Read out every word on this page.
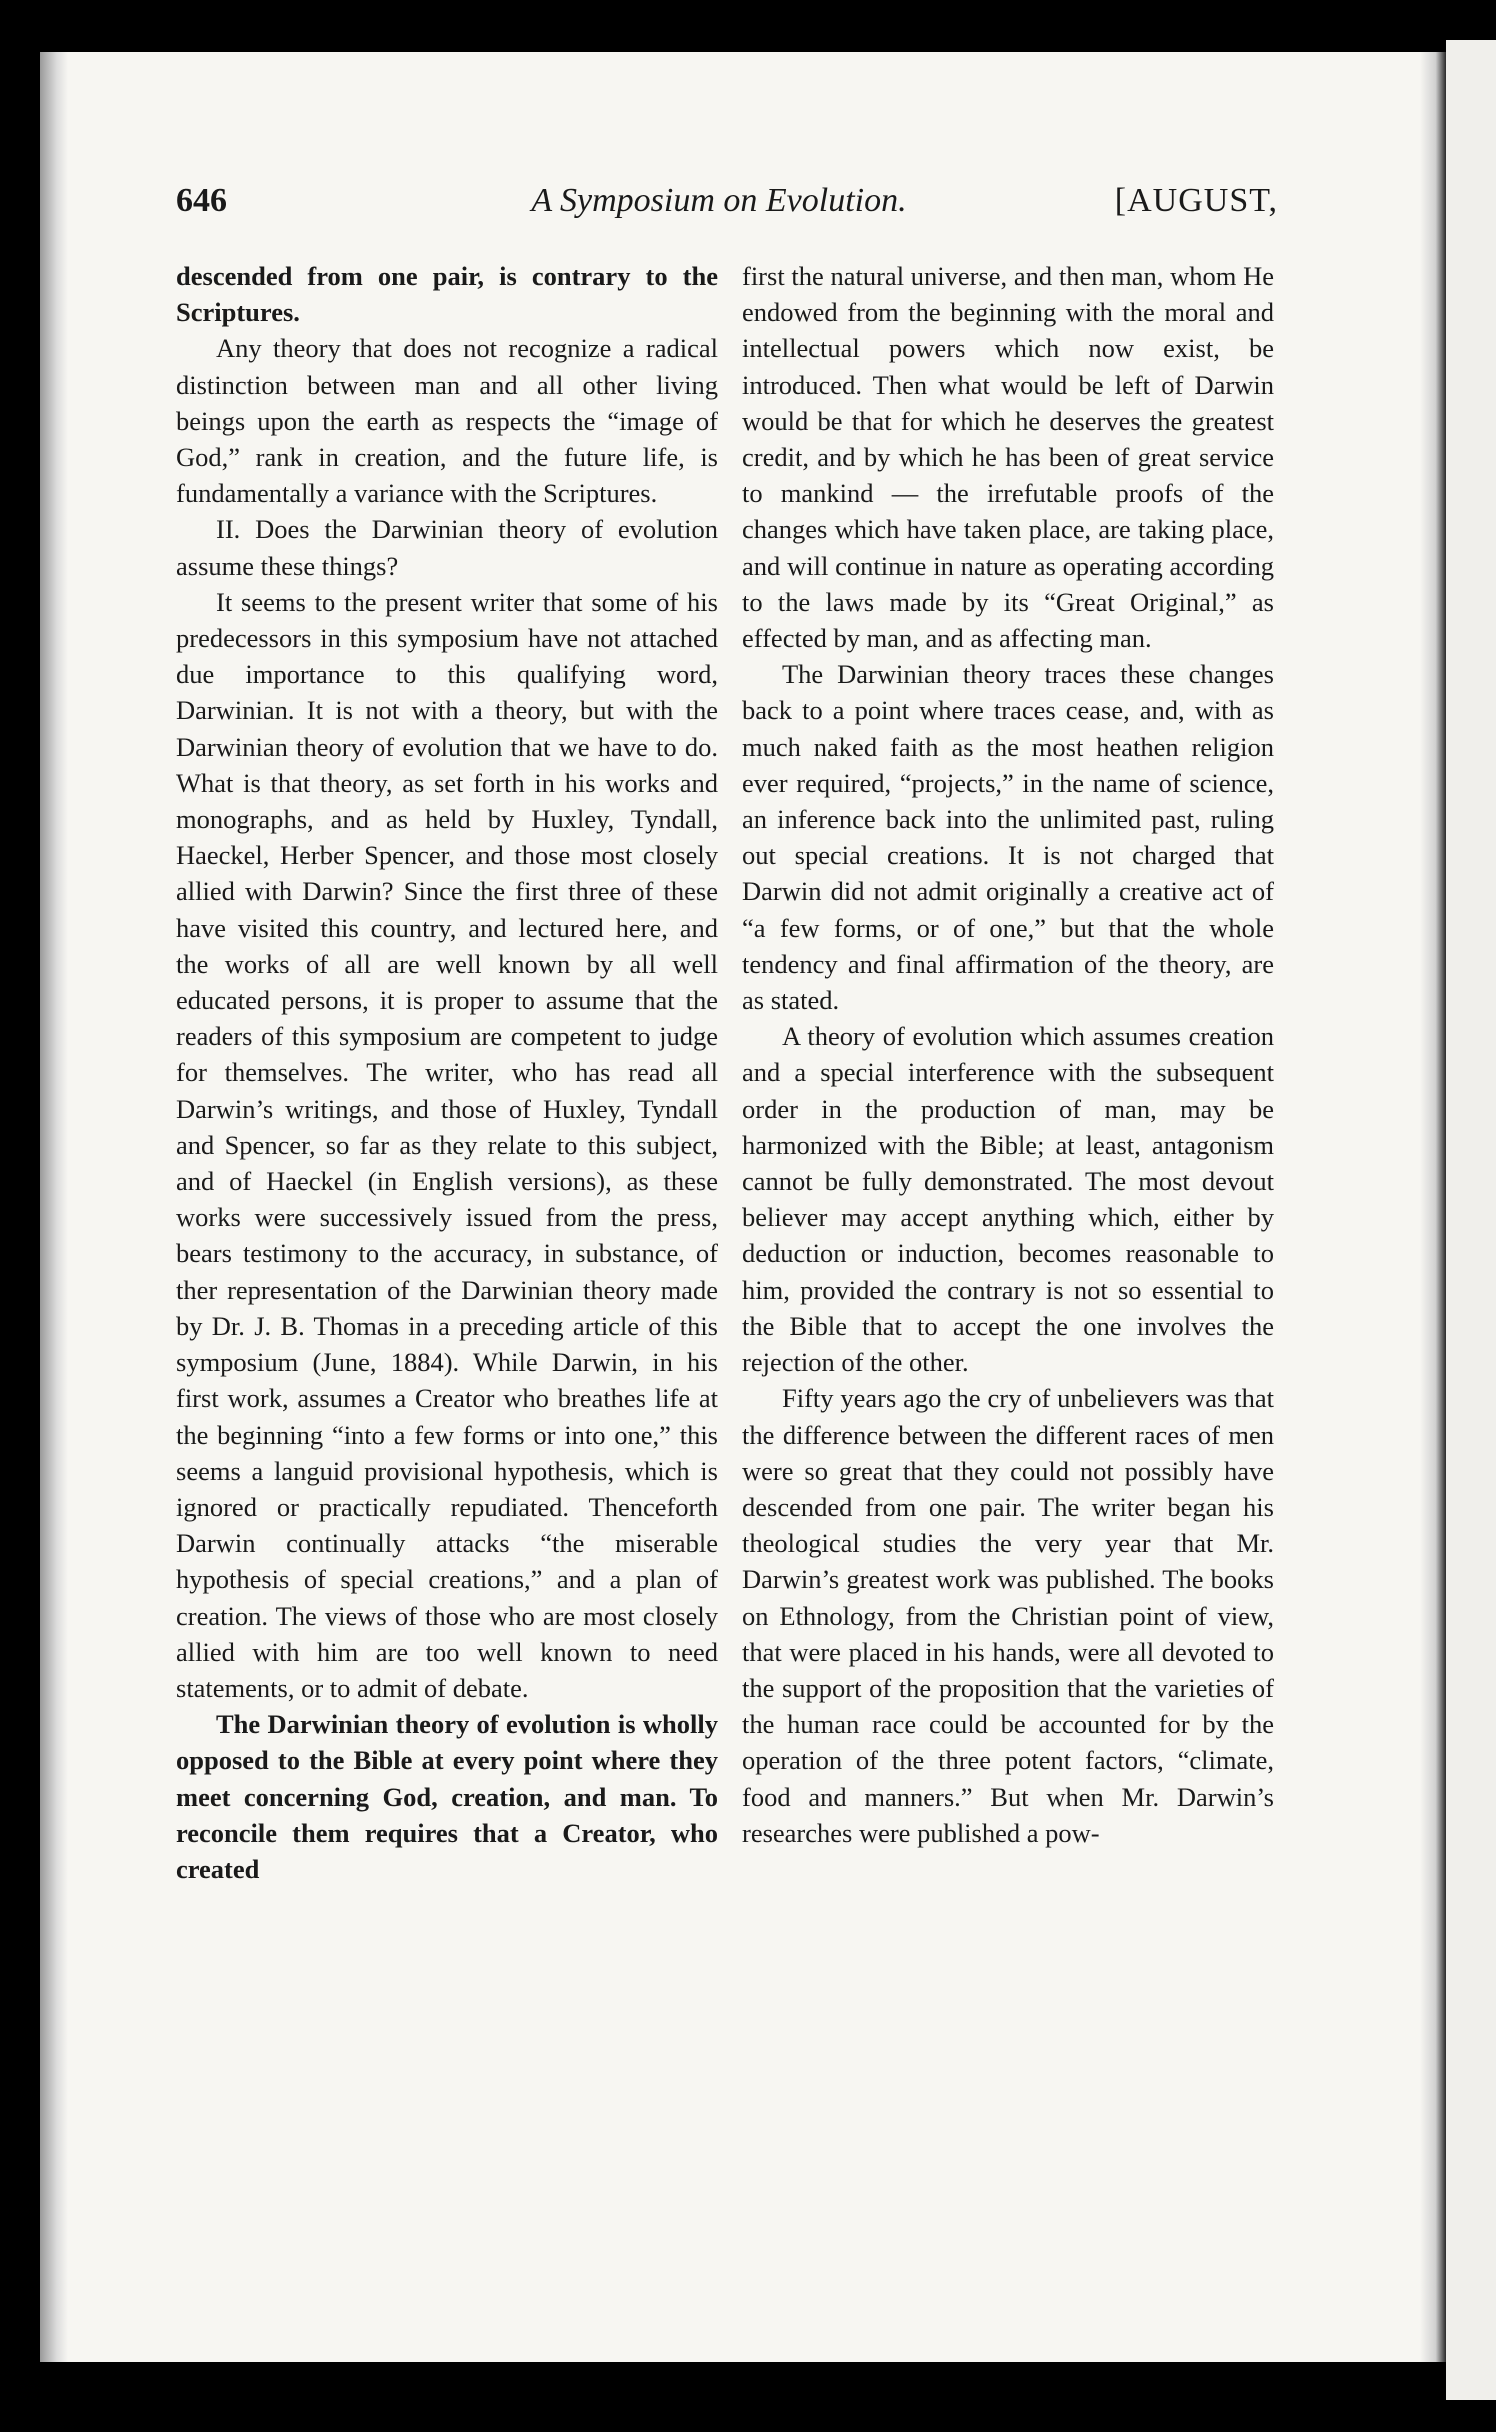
646	A Symposium on Evolution.	[AUGUST,

descended from one pair, is contrary to the Scriptures.

Any theory that does not recognize a radical distinction between man and all other living beings upon the earth as respects the “image of God,” rank in creation, and the future life, is fundamentally a variance with the Scriptures.

II. Does the Darwinian theory of evolution assume these things?

It seems to the present writer that some of his predecessors in this symposium have not attached due importance to this qualifying word, Darwinian. It is not with a theory, but with the Darwinian theory of evolution that we have to do. What is that theory, as set forth in his works and monographs, and as held by Huxley, Tyndall, Haeckel, Herber Spencer, and those most closely allied with Darwin? Since the first three of these have visited this country, and lectured here, and the works of all are well known by all well educated persons, it is proper to assume that the readers of this symposium are competent to judge for themselves. The writer, who has read all Darwin’s writings, and those of Huxley, Tyndall and Spencer, so far as they relate to this subject, and of Haeckel (in English versions), as these works were successively issued from the press, bears testimony to the accuracy, in substance, of ther representation of the Darwinian theory made by Dr. J. B. Thomas in a preceding article of this symposium (June, 1884). While Darwin, in his first work, assumes a Creator who breathes life at the beginning “into a few forms or into one,” this seems a languid provisional hypothesis, which is ignored or practically repudiated. Thenceforth Darwin continually attacks “the miserable hypothesis of special creations,” and a plan of creation. The views of those who are most closely allied with him are too well known to need statements, or to admit of debate.

The Darwinian theory of evolution is wholly opposed to the Bible at every point where they meet concerning God, creation, and man. To reconcile them requires that a Creator, who created

first the natural universe, and then man, whom He endowed from the beginning with the moral and intellectual powers which now exist, be introduced. Then what would be left of Darwin would be that for which he deserves the greatest credit, and by which he has been of great service to mankind — the irrefutable proofs of the changes which have taken place, are taking place, and will continue in nature as operating according to the laws made by its “Great Original,” as effected by man, and as affecting man.

The Darwinian theory traces these changes back to a point where traces cease, and, with as much naked faith as the most heathen religion ever required, “projects,” in the name of science, an inference back into the unlimited past, ruling out special creations. It is not charged that Darwin did not admit originally a creative act of “a few forms, or of one,” but that the whole tendency and final affirmation of the theory, are as stated.

A theory of evolution which assumes creation and a special interference with the subsequent order in the production of man, may be harmonized with the Bible; at least, antagonism cannot be fully demonstrated. The most devout believer may accept anything which, either by deduction or induction, becomes reasonable to him, provided the contrary is not so essential to the Bible that to accept the one involves the rejection of the other.

Fifty years ago the cry of unbelievers was that the difference between the different races of men were so great that they could not possibly have descended from one pair. The writer began his theological studies the very year that Mr. Darwin’s greatest work was published. The books on Ethnology, from the Christian point of view, that were placed in his hands, were all devoted to the support of the proposition that the varieties of the human race could be accounted for by the operation of the three potent factors, “climate, food and manners.” But when Mr. Darwin’s researches were published a pow-
